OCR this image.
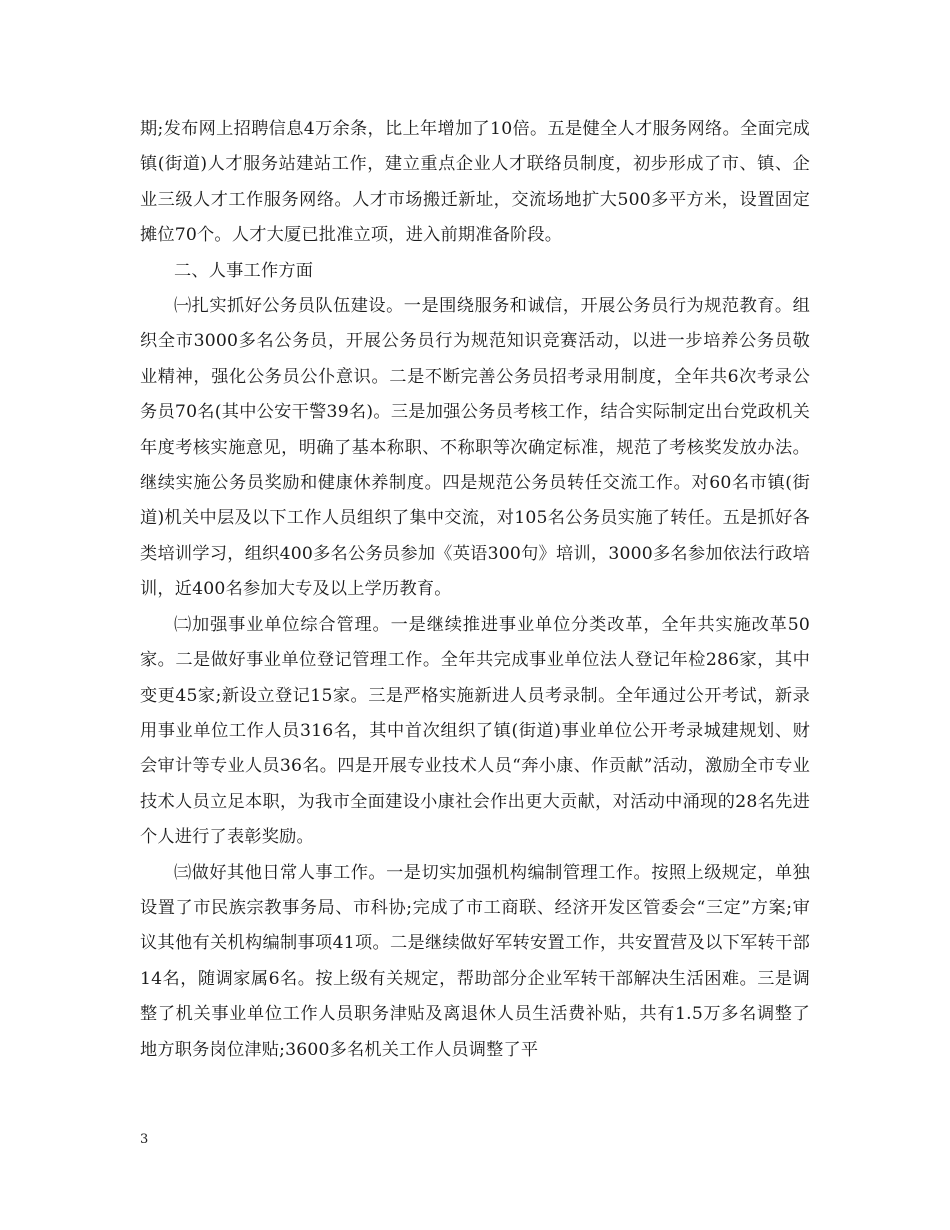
期;发布网上招聘信息4万余条，比上年增加了10倍。五是健全人才服务网络。全面完成镇(街道)人才服务站建站工作，建立重点企业人才联络员制度，初步形成了市、镇、企业三级人才工作服务网络。人才市场搬迁新址，交流场地扩大500多平方米，设置固定摊位70个。人才大厦已批准立项，进入前期准备阶段。

二、人事工作方面

㈠扎实抓好公务员队伍建设。一是围绕服务和诚信，开展公务员行为规范教育。组织全市3000多名公务员，开展公务员行为规范知识竞赛活动，以进一步培养公务员敬业精神，强化公务员公仆意识。二是不断完善公务员招考录用制度，全年共6次考录公务员70名(其中公安干警39名)。三是加强公务员考核工作，结合实际制定出台党政机关年度考核实施意见，明确了基本称职、不称职等次确定标准，规范了考核奖发放办法。继续实施公务员奖励和健康休养制度。四是规范公务员转任交流工作。对60名市镇(街道)机关中层及以下工作人员组织了集中交流，对105名公务员实施了转任。五是抓好各类培训学习，组织400多名公务员参加《英语300句》培训，3000多名参加依法行政培训，近400名参加大专及以上学历教育。

㈡加强事业单位综合管理。一是继续推进事业单位分类改革，全年共实施改革50家。二是做好事业单位登记管理工作。全年共完成事业单位法人登记年检286家，其中变更45家;新设立登记15家。三是严格实施新进人员考录制。全年通过公开考试，新录用事业单位工作人员316名，其中首次组织了镇(街道)事业单位公开考录城建规划、财会审计等专业人员36名。四是开展专业技术人员“奔小康、作贡献”活动，激励全市专业技术人员立足本职，为我市全面建设小康社会作出更大贡献，对活动中涌现的28名先进个人进行了表彰奖励。

㈢做好其他日常人事工作。一是切实加强机构编制管理工作。按照上级规定，单独设置了市民族宗教事务局、市科协;完成了市工商联、经济开发区管委会“三定”方案;审议其他有关机构编制事项41项。二是继续做好军转安置工作，共安置营及以下军转干部14名，随调家属6名。按上级有关规定，帮助部分企业军转干部解决生活困难。三是调整了机关事业单位工作人员职务津贴及离退休人员生活费补贴，共有1.5万多名调整了地方职务岗位津贴;3600多名机关工作人员调整了平

3
